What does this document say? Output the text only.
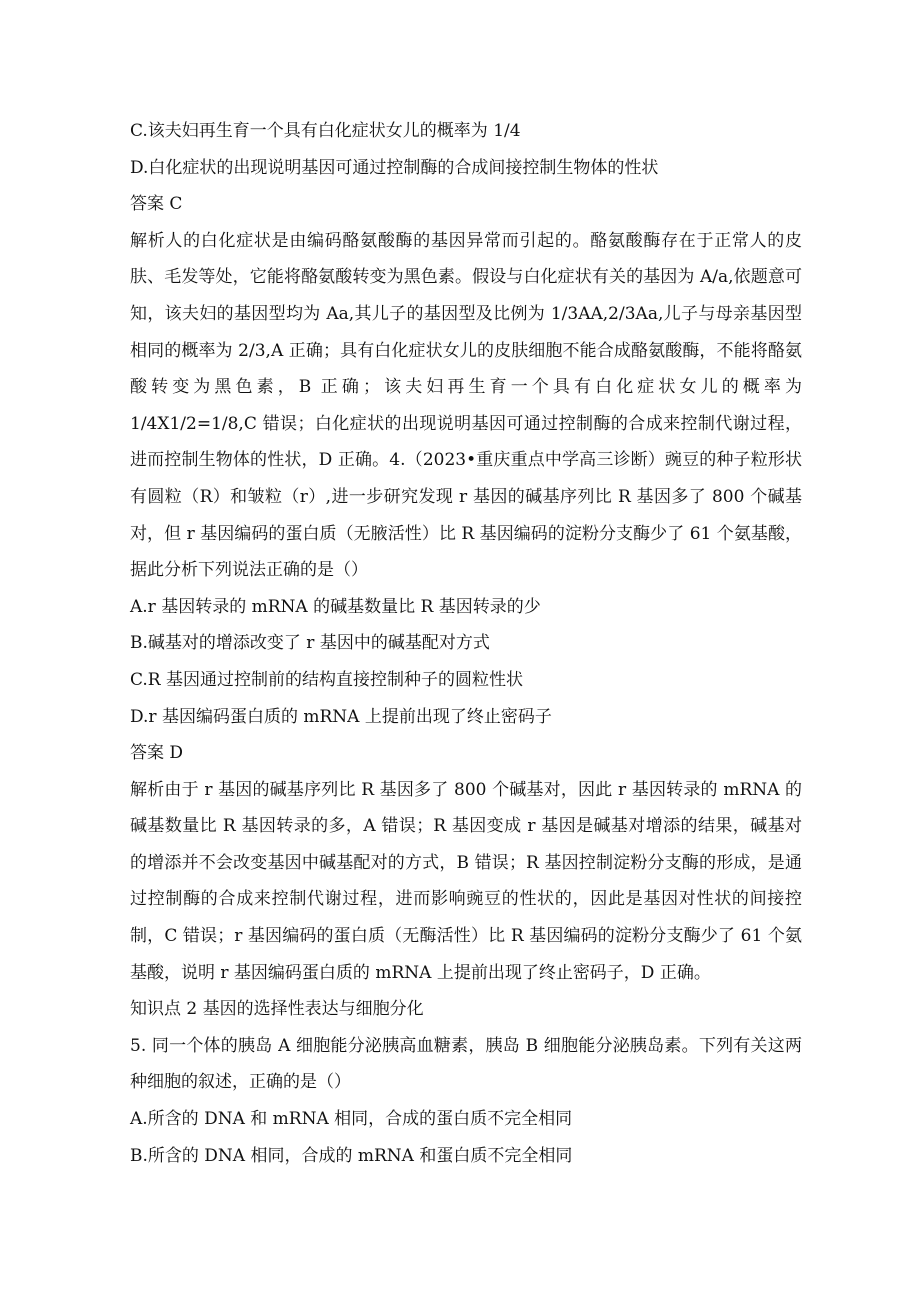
C.该夫妇再生育一个具有白化症状女儿的概率为 1/4

D.白化症状的出现说明基因可通过控制酶的合成间接控制生物体的性状

答案 C

解析人的白化症状是由编码酪氨酸酶的基因异常而引起的。酪氨酸酶存在于正常人的皮肤、毛发等处，它能将酪氨酸转变为黑色素。假设与白化症状有关的基因为 A/a,依题意可知，该夫妇的基因型均为 Aa,其儿子的基因型及比例为 1/3AA,2/3Aa,儿子与母亲基因型相同的概率为 2/3,A 正确；具有白化症状女儿的皮肤细胞不能合成酪氨酸酶，不能将酪氨酸转变为黑色素，B 正确；该夫妇再生育一个具有白化症状女儿的概率为 1/4X1/2=1/8,C 错误；白化症状的出现说明基因可通过控制酶的合成来控制代谢过程，进而控制生物体的性状，D 正确。4.（2023•重庆重点中学高三诊断）豌豆的种子粒形状有圆粒（R）和皱粒（r）,进一步研究发现 r 基因的碱基序列比 R 基因多了 800 个碱基对，但 r 基因编码的蛋白质（无腋活性）比 R 基因编码的淀粉分支酶少了 61 个氨基酸，据此分析下列说法正确的是（）

A.r 基因转录的 mRNA 的碱基数量比 R 基因转录的少

B.碱基对的增添改变了 r 基因中的碱基配对方式

C.R 基因通过控制前的结构直接控制种子的圆粒性状

D.r 基因编码蛋白质的 mRNA 上提前出现了终止密码子

答案 D

解析由于 r 基因的碱基序列比 R 基因多了 800 个碱基对，因此 r 基因转录的 mRNA 的碱基数量比 R 基因转录的多，A 错误；R 基因变成 r 基因是碱基对增添的结果，碱基对的增添并不会改变基因中碱基配对的方式，B 错误；R 基因控制淀粉分支酶的形成，是通过控制酶的合成来控制代谢过程，进而影响豌豆的性状的，因此是基因对性状的间接控制，C 错误；r 基因编码的蛋白质（无酶活性）比 R 基因编码的淀粉分支酶少了 61 个氨基酸，说明 r 基因编码蛋白质的 mRNA 上提前出现了终止密码子，D 正确。

知识点 2 基因的选择性表达与细胞分化

5. 同一个体的胰岛 A 细胞能分泌胰高血糖素，胰岛 B 细胞能分泌胰岛素。下列有关这两种细胞的叙述，正确的是（）

A.所含的 DNA 和 mRNA 相同，合成的蛋白质不完全相同

B.所含的 DNA 相同，合成的 mRNA 和蛋白质不完全相同
